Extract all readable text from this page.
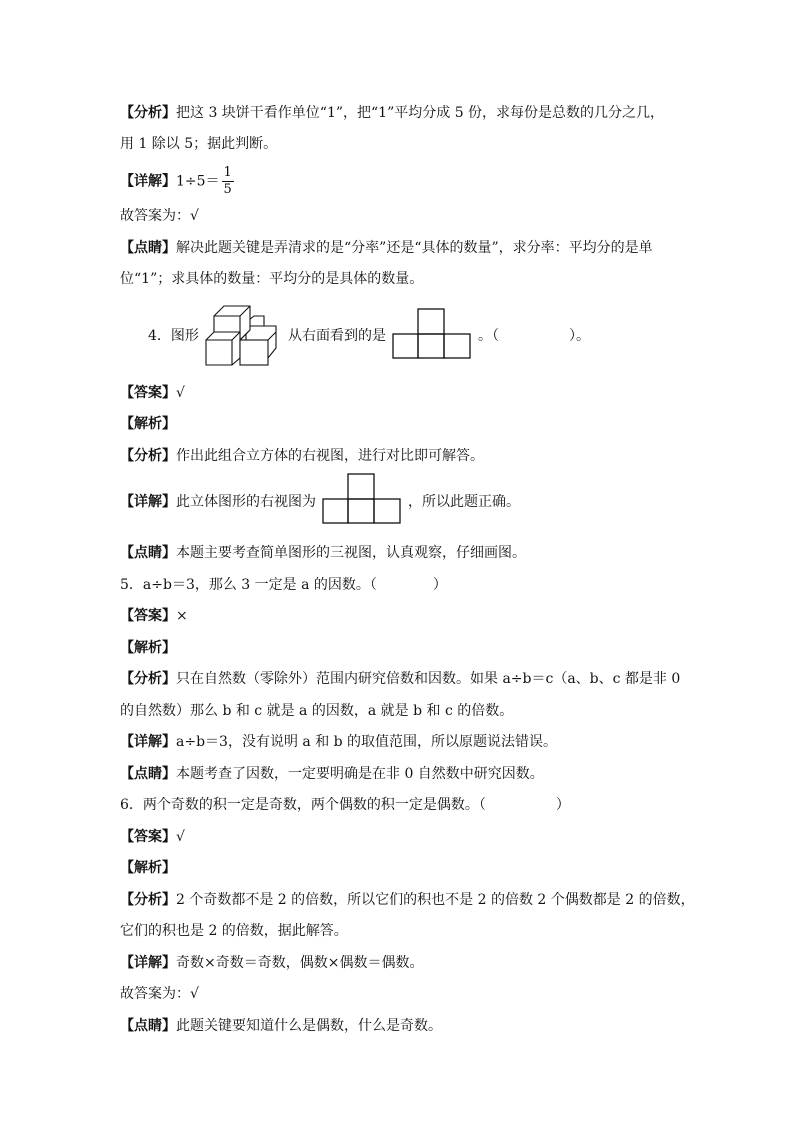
【分析】把这 3 块饼干看作单位“1”，把“1”平均分成 5 份，求每份是总数的几分之几，
用 1 除以 5；据此判断。
【详解】$1\div 5= \frac{1}{5}$
故答案为：√
【点睛】解决此题关键是弄清求的是“分率”还是“具体的数量”，求分率：平均分的是单
位“1”；求具体的数量：平均分的是具体的数量。
4．图形	从右面看到的是	。（　　　　　）。
【答案】√
【解析】
【分析】作出此组合立方体的右视图，进行对比即可解答。
【详解】此立体图形的右视图为	，所以此题正确。
【点睛】本题主要考查简单图形的三视图，认真观察，仔细画图。
5．a÷b＝3，那么 3 一定是 a 的因数。（　　　　）
【答案】×
【解析】
【分析】只在自然数（零除外）范围内研究倍数和因数。如果 a÷b＝c（a、b、c 都是非 0
的自然数）那么 b 和 c 就是 a 的因数，a 就是 b 和 c 的倍数。
【详解】a÷b＝3，没有说明 a 和 b 的取值范围，所以原题说法错误。
【点睛】本题考查了因数，一定要明确是在非 0 自然数中研究因数。
6．两个奇数的积一定是奇数，两个偶数的积一定是偶数。（　　　　　）
【答案】√
【解析】
【分析】2 个奇数都不是 2 的倍数，所以它们的积也不是 2 的倍数 2 个偶数都是 2 的倍数，
它们的积也是 2 的倍数，据此解答。
【详解】奇数×奇数＝奇数，偶数×偶数＝偶数。
故答案为：√
【点睛】此题关键要知道什么是偶数，什么是奇数。
